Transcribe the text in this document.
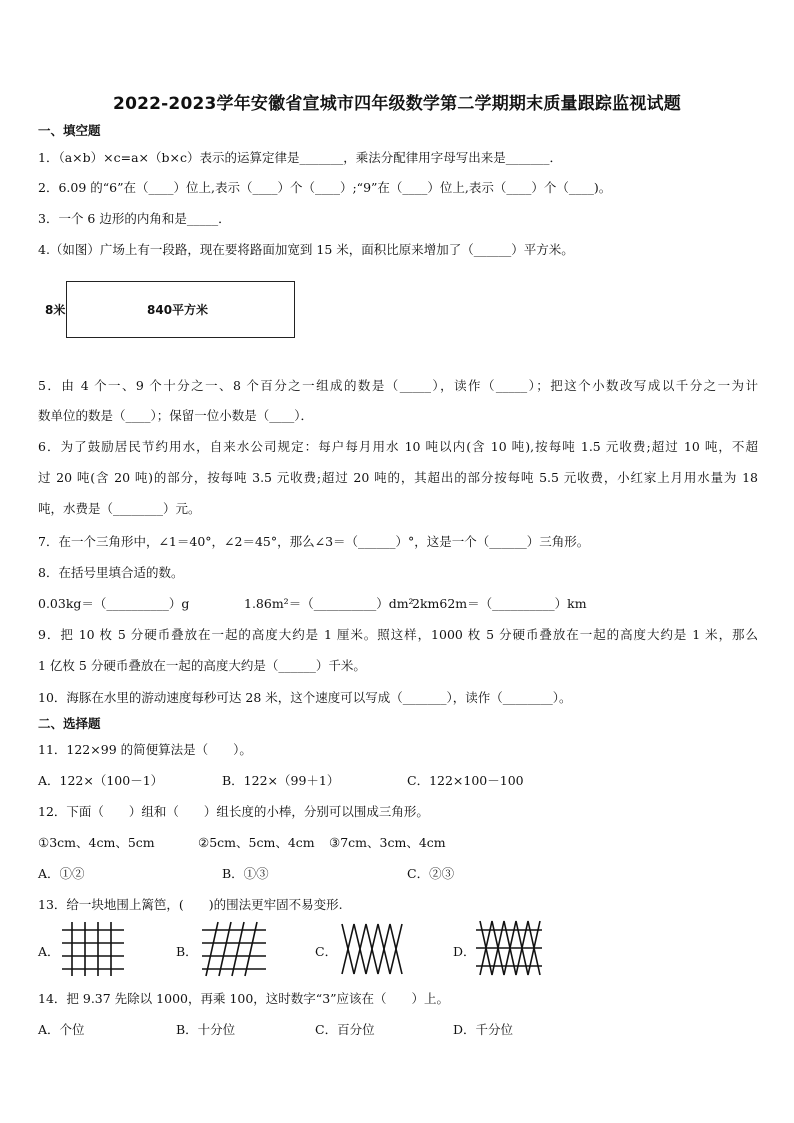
2022-2023学年安徽省宣城市四年级数学第二学期期末质量跟踪监视试题
一、填空题
1．（a×b）×c=a×（b×c）表示的运算定律是_______，乘法分配律用字母写出来是_______．
2．6.09 的“6”在（____）位上,表示（____）个（____）;“9”在（____）位上,表示（____）个（____)。
3．一个 6 边形的内角和是_____．
4.（如图）广场上有一段路，现在要将路面加宽到 15 米，面积比原来增加了（______）平方米。
8米	840平方米
5．由 4 个一、9 个十分之一、8 个百分之一组成的数是（_____），读作（_____）；把这个小数改写成以千分之一为计
数单位的数是（____）；保留一位小数是（____）．
6．为了鼓励居民节约用水，自来水公司规定：每户每月用水 10 吨以内(含 10 吨),按每吨 1.5 元收费;超过 10 吨，不超
过 20 吨(含 20 吨)的部分，按每吨 3.5 元收费;超过 20 吨的，其超出的部分按每吨 5.5 元收费，小红家上月用水量为 18
吨，水费是（________）元。
7．在一个三角形中，∠1＝40°，∠2＝45°，那么∠3＝（______）°，这是一个（______）三角形。
8．在括号里填合适的数。
0.03kg＝（__________）g	1.86m²＝（__________）dm²
2km62m＝（__________）km
9．把 10 枚 5 分硬币叠放在一起的高度大约是 1 厘米。照这样，1000 枚 5 分硬币叠放在一起的高度大约是 1 米，那么
1 亿枚 5 分硬币叠放在一起的高度大约是（______）千米。
10．海豚在水里的游动速度每秒可达 28 米，这个速度可以写成（_______），读作（________）。
二、选择题
11．122×99 的简便算法是（　　）。
A．122×（100－1）	B．122×（99＋1）	C．122×100－100
12．下面（　　）组和（　　）组长度的小棒，分别可以围成三角形。
①3cm、4cm、5cm	②5cm、5cm、4cm ③7cm、3cm、4cm
A．①②	B．①③	C．②③
13．给一块地围上篱笆，(　　)的围法更牢固不易变形.
A．	B．	C．	D．
14．把 9.37 先除以 1000，再乘 100，这时数字“3”应该在（　　）上。
A．个位	B．十分位	C．百分位	D．千分位
